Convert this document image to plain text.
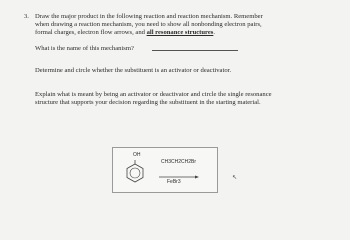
3. Draw the major product in the following reaction and reaction mechanism. Remember
when drawing a reaction mechanism, you need to show all nonbonding electron pairs,
formal charges, electron flow arrows, and all resonance structures.
What is the name of this mechanism?
Determine and circle whether the substituent is an activator or deactivator.
Explain what is meant by being an activator or deactivator and circle the single resonance
structure that supports your decision regarding the substituent in the starting material.
OH
CH3CH2CH2Br
FeBr3
↖
